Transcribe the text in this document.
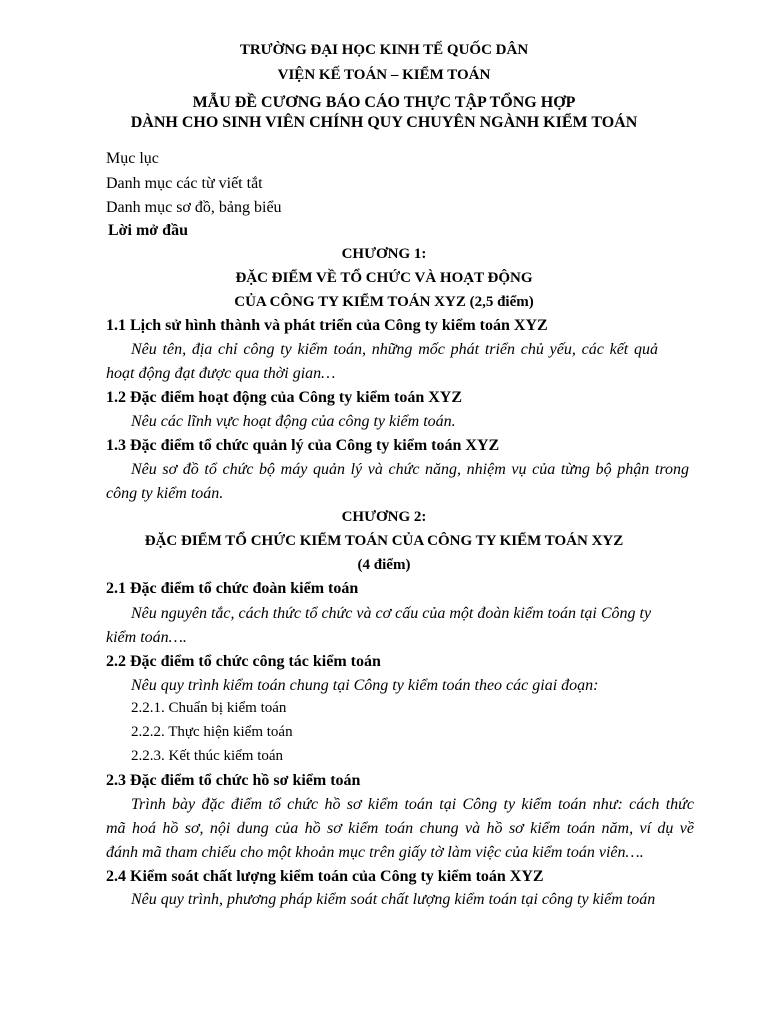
TRƯỜNG ĐẠI HỌC KINH TẾ QUỐC DÂN
VIỆN KẾ TOÁN – KIỂM TOÁN
MẪU ĐỀ CƯƠNG BÁO CÁO THỰC TẬP TỔNG HỢP
DÀNH CHO SINH VIÊN CHÍNH QUY CHUYÊN NGÀNH KIỂM TOÁN
Mục lục
Danh mục các từ viết tắt
Danh mục sơ đồ, bảng biểu
Lời mở đầu
CHƯƠNG 1:
ĐẶC ĐIỂM VỀ TỔ CHỨC VÀ HOẠT ĐỘNG
CỦA CÔNG TY KIỂM TOÁN XYZ (2,5 điểm)
1.1 Lịch sử hình thành và phát triển của Công ty kiểm toán XYZ
Nêu tên, địa chỉ công ty kiểm toán, những mốc phát triển chủ yếu, các kết quả
hoạt động đạt được qua thời gian…
1.2 Đặc điểm hoạt động của Công ty kiểm toán XYZ
Nêu các lĩnh vực hoạt động của công ty kiểm toán.
1.3 Đặc điểm tổ chức quản lý của Công ty kiểm toán XYZ
Nêu sơ đồ tổ chức bộ máy quản lý và chức năng, nhiệm vụ của từng bộ phận trong
công ty kiểm toán.
CHƯƠNG 2:
ĐẶC ĐIỂM TỔ CHỨC KIỂM TOÁN CỦA CÔNG TY KIỂM TOÁN XYZ
(4 điểm)
2.1 Đặc điểm tổ chức đoàn kiểm toán
Nêu nguyên tắc, cách thức tổ chức và cơ cấu của một đoàn kiểm toán tại Công ty
kiểm toán….
2.2 Đặc điểm tổ chức công tác kiểm toán
Nêu quy trình kiểm toán chung tại Công ty kiểm toán theo các giai đoạn:
2.2.1. Chuẩn bị kiểm toán
2.2.2. Thực hiện kiểm toán
2.2.3. Kết thúc kiểm toán
2.3 Đặc điểm tổ chức hồ sơ kiểm toán
Trình bày đặc điểm tổ chức hồ sơ kiểm toán tại Công ty kiểm toán như: cách thức
mã hoá hồ sơ, nội dung của hồ sơ kiểm toán chung và hồ sơ kiểm toán năm, ví dụ về
đánh mã tham chiếu cho một khoản mục trên giấy tờ làm việc của kiểm toán viên….
2.4 Kiểm soát chất lượng kiểm toán của Công ty kiểm toán XYZ
Nêu quy trình, phương pháp kiểm soát chất lượng kiểm toán tại công ty kiểm toán
